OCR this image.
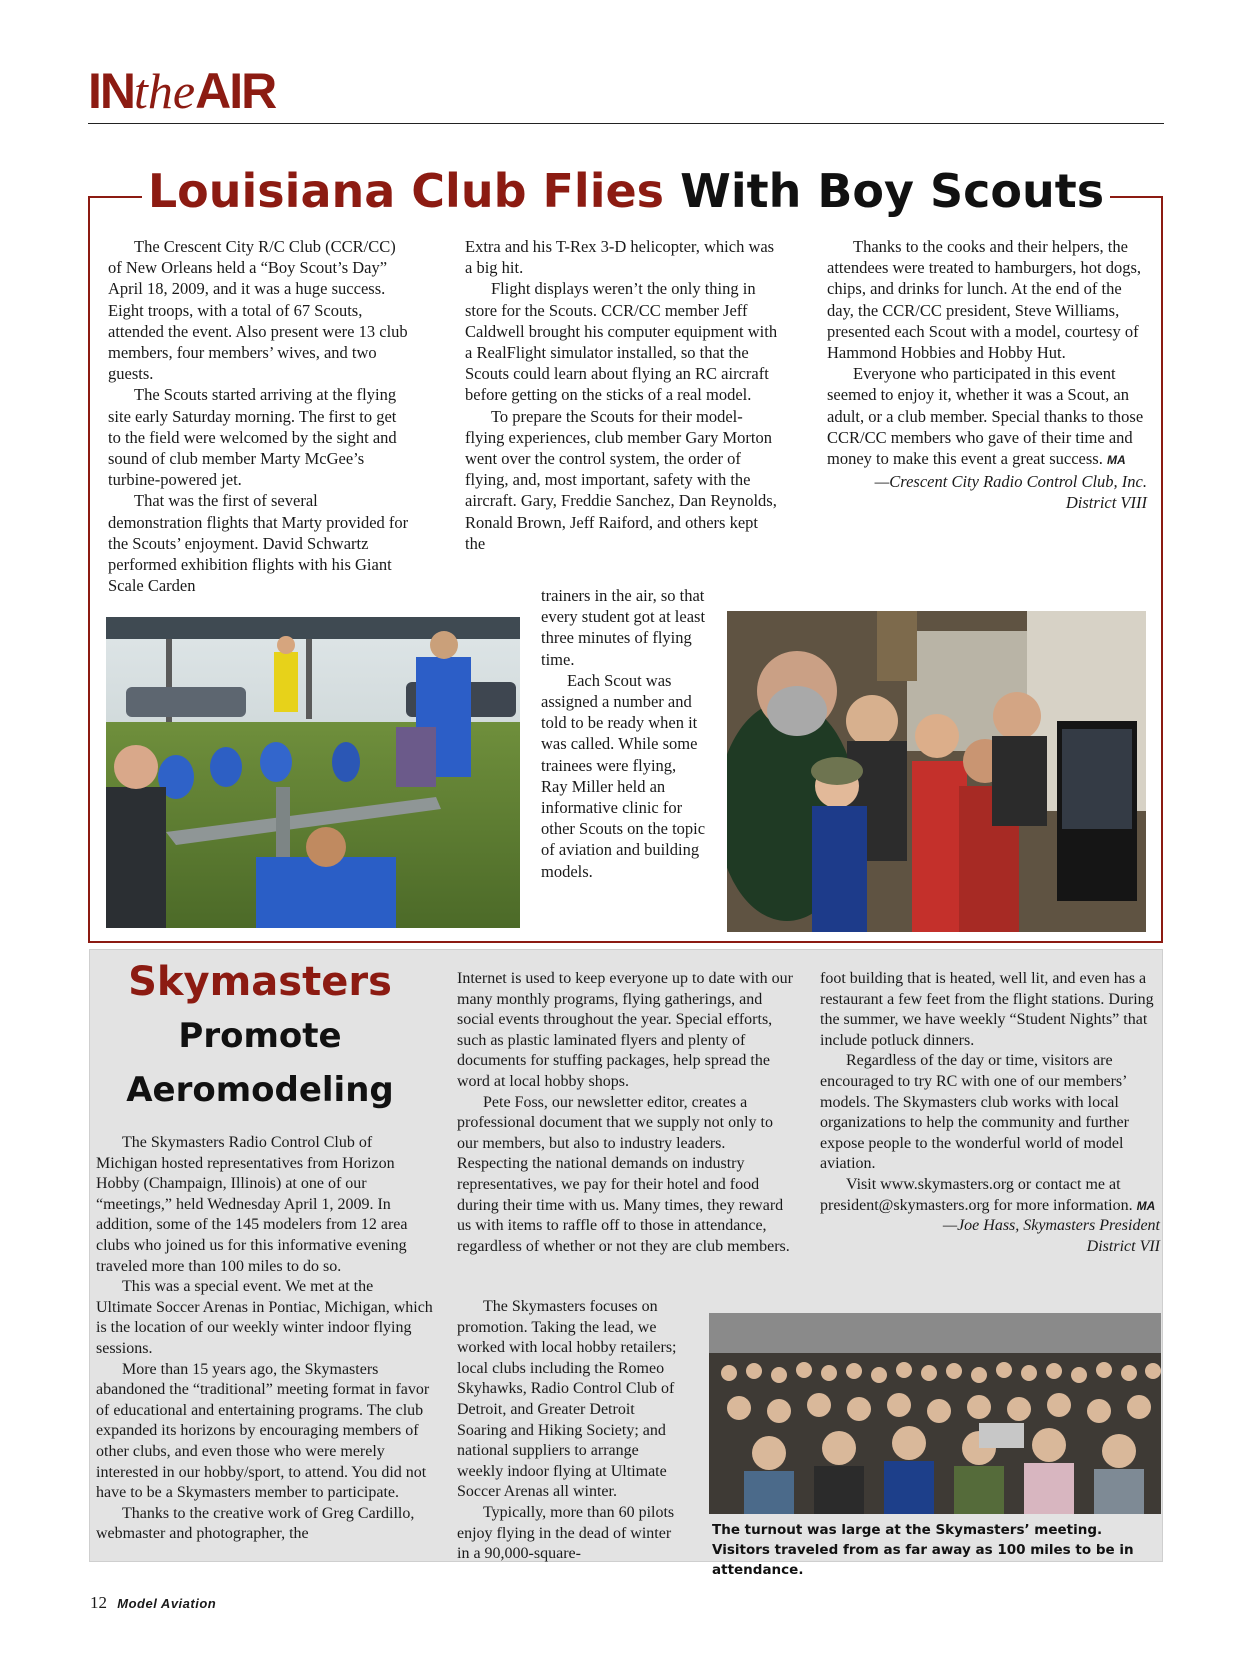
INtheAIR
Louisiana Club Flies With Boy Scouts

The Crescent City R/C Club (CCR/CC) of New Orleans held a “Boy Scout’s Day” April 18, 2009, and it was a huge success. Eight troops, with a total of 67 Scouts, attended the event. Also present were 13 club members, four members’ wives, and two guests.

The Scouts started arriving at the flying site early Saturday morning. The first to get to the field were welcomed by the sight and sound of club member Marty McGee’s turbine-powered jet.

That was the first of several demonstration flights that Marty provided for the Scouts’ enjoyment. David Schwartz performed exhibition flights with his Giant Scale Carden

Extra and his T-Rex 3-D helicopter, which was a big hit.

Flight displays weren’t the only thing in store for the Scouts. CCR/CC member Jeff Caldwell brought his computer equipment with a RealFlight simulator installed, so that the Scouts could learn about flying an RC aircraft before getting on the sticks of a real model.

To prepare the Scouts for their model-flying experiences, club member Gary Morton went over the control system, the order of flying, and, most important, safety with the aircraft. Gary, Freddie Sanchez, Dan Reynolds, Ronald Brown, Jeff Raiford, and others kept the

trainers in the air, so that every student got at least three minutes of flying time.

Each Scout was assigned a number and told to be ready when it was called. While some trainees were flying, Ray Miller held an informative clinic for other Scouts on the topic of aviation and building models.

Thanks to the cooks and their helpers, the attendees were treated to hamburgers, hot dogs, chips, and drinks for lunch. At the end of the day, the CCR/CC president, Steve Williams, presented each Scout with a model, courtesy of Hammond Hobbies and Hobby Hut.

Everyone who participated in this event seemed to enjoy it, whether it was a Scout, an adult, or a club member. Special thanks to those CCR/CC members who gave of their time and money to make this event a great success. MA

—Crescent City Radio Control Club, Inc.

District VIII

Skymasters
Promote
Aeromodeling

The Skymasters Radio Control Club of Michigan hosted representatives from Horizon Hobby (Champaign, Illinois) at one of our “meetings,” held Wednesday April 1, 2009. In addition, some of the 145 modelers from 12 area clubs who joined us for this informative evening traveled more than 100 miles to do so.

This was a special event. We met at the Ultimate Soccer Arenas in Pontiac, Michigan, which is the location of our weekly winter indoor flying sessions.

More than 15 years ago, the Skymasters abandoned the “traditional” meeting format in favor of educational and entertaining programs. The club expanded its horizons by encouraging members of other clubs, and even those who were merely interested in our hobby/sport, to attend. You did not have to be a Skymasters member to participate.

Thanks to the creative work of Greg Cardillo, webmaster and photographer, the

Internet is used to keep everyone up to date with our many monthly programs, flying gatherings, and social events throughout the year. Special efforts, such as plastic laminated flyers and plenty of documents for stuffing packages, help spread the word at local hobby shops.

Pete Foss, our newsletter editor, creates a professional document that we supply not only to our members, but also to industry leaders. Respecting the national demands on industry representatives, we pay for their hotel and food during their time with us. Many times, they reward us with items to raffle off to those in attendance, regardless of whether or not they are club members.

The Skymasters focuses on promotion. Taking the lead, we worked with local hobby retailers; local clubs including the Romeo Skyhawks, Radio Control Club of Detroit, and Greater Detroit Soaring and Hiking Society; and national suppliers to arrange weekly indoor flying at Ultimate Soccer Arenas all winter.

Typically, more than 60 pilots enjoy flying in the dead of winter in a 90,000-square-

foot building that is heated, well lit, and even has a restaurant a few feet from the flight stations. During the summer, we have weekly “Student Nights” that include potluck dinners.

Regardless of the day or time, visitors are encouraged to try RC with one of our members’ models. The Skymasters club works with local organizations to help the community and further expose people to the wonderful world of model aviation.

Visit www.skymasters.org or contact me at president@skymasters.org for more information. MA

—Joe Hass, Skymasters President

District VII

The turnout was large at the Skymasters’ meeting. Visitors traveled from as far away as 100 miles to be in attendance.
12 Model Aviation
